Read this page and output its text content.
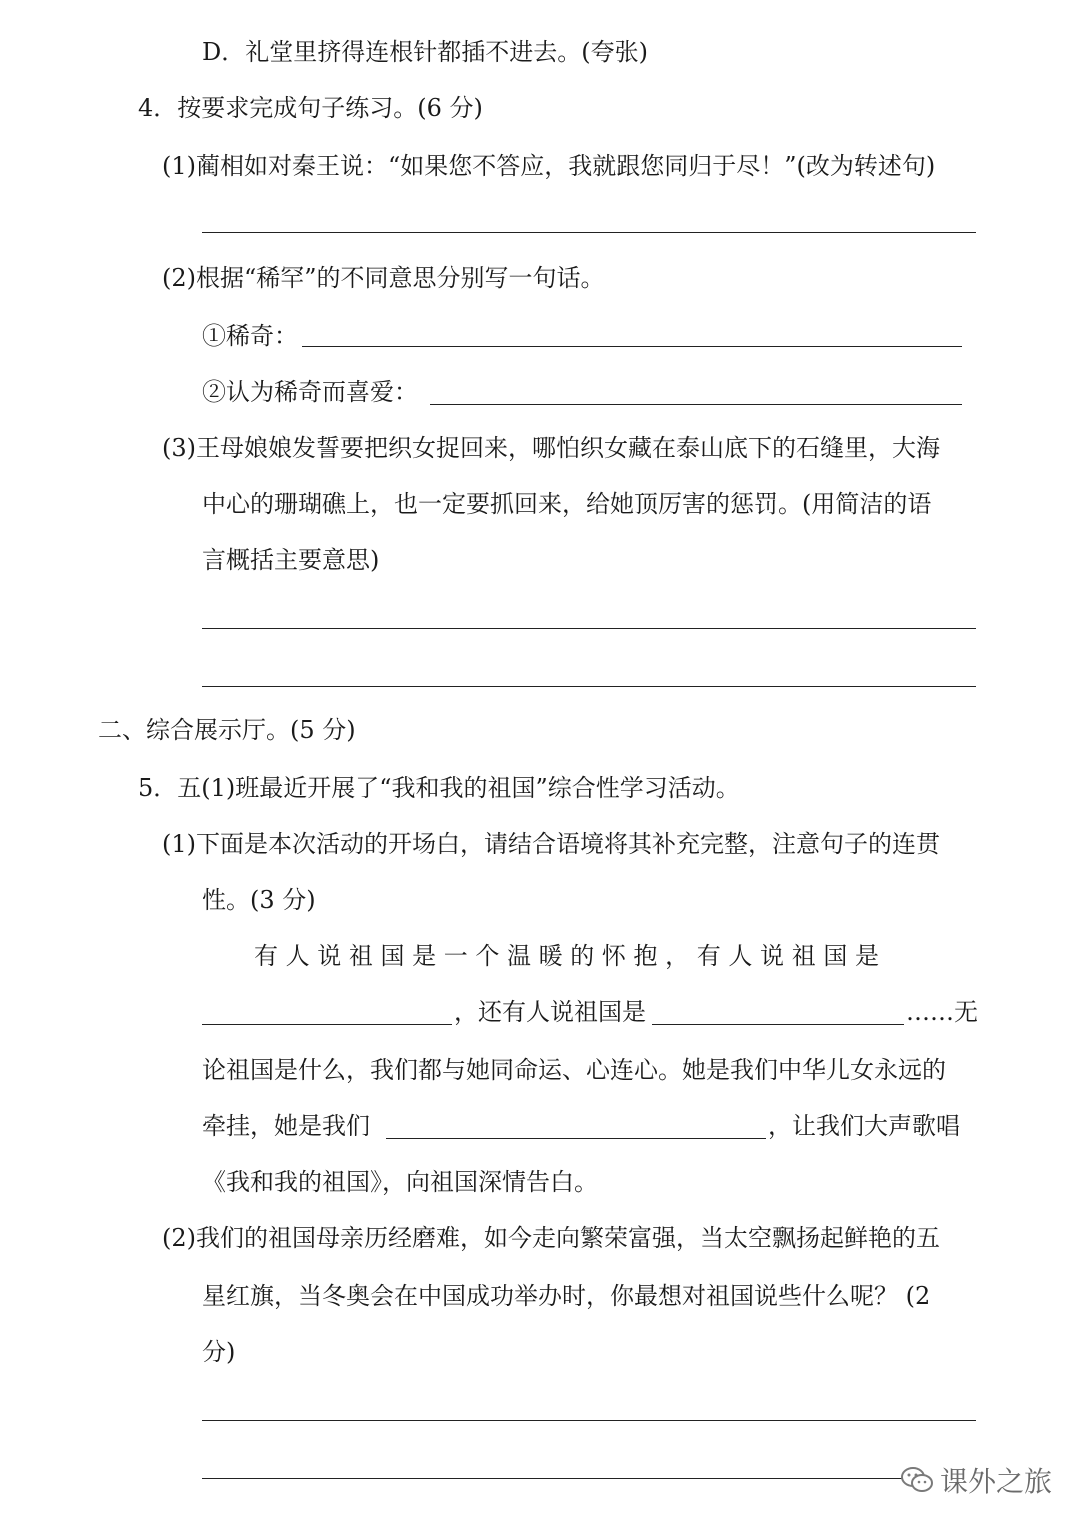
D．礼堂里挤得连根针都插不进去。(夸张)
4．按要求完成句子练习。(6 分)
(1)蔺相如对秦王说：“如果您不答应，我就跟您同归于尽！”(改为转述句)
(2)根据“稀罕”的不同意思分别写一句话。
①稀奇：
②认为稀奇而喜爱：
(3)王母娘娘发誓要把织女捉回来，哪怕织女藏在泰山底下的石缝里，大海
中心的珊瑚礁上，也一定要抓回来，给她顶厉害的惩罚。(用简洁的语
言概括主要意思)
二、综合展示厅。(5 分)
5．五(1)班最近开展了“我和我的祖国”综合性学习活动。
(1)下面是本次活动的开场白，请结合语境将其补充完整，注意句子的连贯
性。(3 分)
有 人 说 祖 国 是 一 个 温 暖 的 怀 抱 ， 有 人 说 祖 国 是
，还有人说祖国是	……无
论祖国是什么，我们都与她同命运、心连心。她是我们中华儿女永远的
牵挂，她是我们	，让我们大声歌唱
《我和我的祖国》，向祖国深情告白。
(2)我们的祖国母亲历经磨难，如今走向繁荣富强，当太空飘扬起鲜艳的五
星红旗，当冬奥会在中国成功举办时，你最想对祖国说些什么呢？ (2
分)
课外之旅
